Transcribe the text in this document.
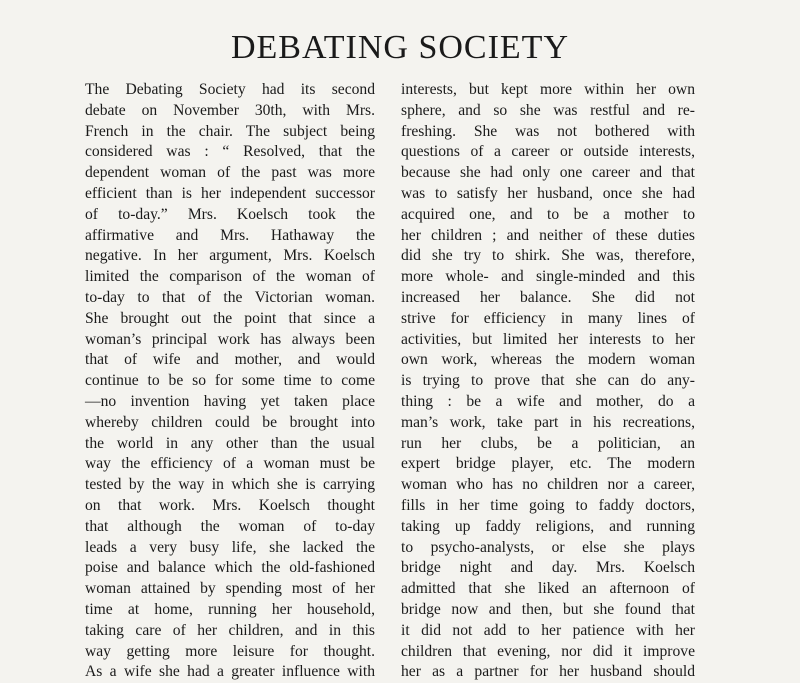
DEBATING SOCIETY
The Debating Society had its second
debate on November 30th, with Mrs.
French in the chair. The subject being
considered was : “ Resolved, that the
dependent woman of the past was more
efficient than is her independent successor
of to-day.” Mrs. Koelsch took the
affirmative and Mrs. Hathaway the
negative. In her argument, Mrs. Koelsch
limited the comparison of the woman of
to-day to that of the Victorian woman.
She brought out the point that since a
woman’s principal work has always been
that of wife and mother, and would
continue to be so for some time to come
—no invention having yet taken place
whereby children could be brought into
the world in any other than the usual
way the efficiency of a woman must be
tested by the way in which she is carrying
on that work. Mrs. Koelsch thought
that although the woman of to-day
leads a very busy life, she lacked the
poise and balance which the old-fashioned
woman attained by spending most of her
time at home, running her household,
taking care of her children, and in this
way getting more leisure for thought.
As a wife she had a greater influence with
interests, but kept more within her own
sphere, and so she was restful and re-
freshing. She was not bothered with
questions of a career or outside interests,
because she had only one career and that
was to satisfy her husband, once she had
acquired one, and to be a mother to
her children ; and neither of these duties
did she try to shirk. She was, therefore,
more whole- and single-minded and this
increased her balance. She did not
strive for efficiency in many lines of
activities, but limited her interests to her
own work, whereas the modern woman
is trying to prove that she can do any-
thing : be a wife and mother, do a
man’s work, take part in his recreations,
run her clubs, be a politician, an
expert bridge player, etc. The modern
woman who has no children nor a career,
fills in her time going to faddy doctors,
taking up faddy religions, and running
to psycho-analysts, or else she plays
bridge night and day. Mrs. Koelsch
admitted that she liked an afternoon of
bridge now and then, but she found that
it did not add to her patience with her
children that evening, nor did it improve
her as a partner for her husband should
